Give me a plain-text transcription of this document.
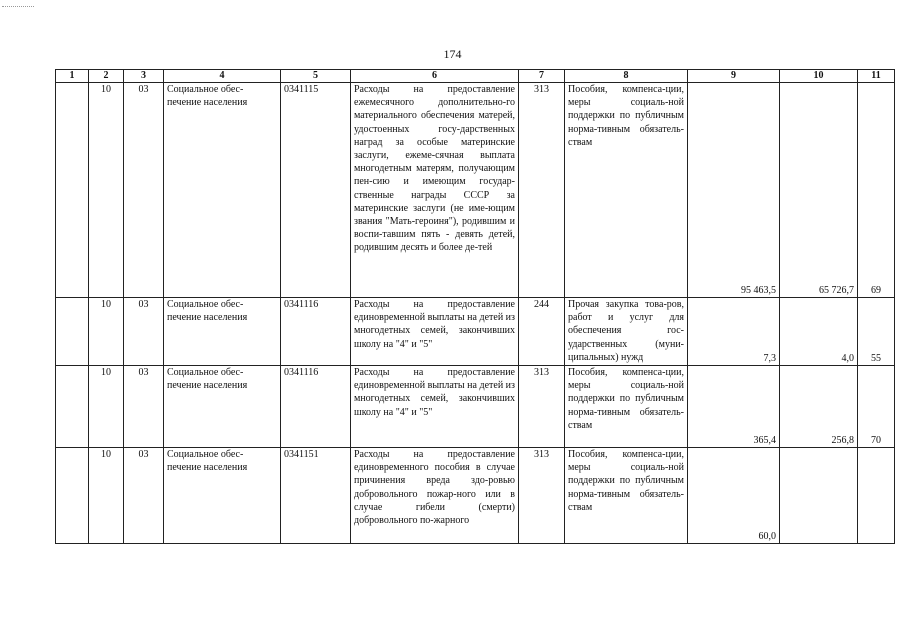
174
1	2	3	4	5	6	7	8	9	10	11
	10	03	Социальное обес-печение населения	0341115	Расходы на предоставление ежемесячного дополнительно-го материального обеспечения матерей, удостоенных госу-дарственных наград за особые материнские заслуги, ежеме-сячная выплата многодетным матерям, получающим пен-сию и имеющим государ-ственные награды СССР за материнские заслуги (не име-ющим звания "Мать-героиня"), родившим и воспи-тавшим пять - девять детей, родившим десять и более де-тей	313	Пособия, компенса-ции, меры социаль-ной поддержки по публичным норма-тивным обязатель-ствам	95 463,5	65 726,7	69
	10	03	Социальное обес-печение населения	0341116	Расходы на предоставление единовременной выплаты на детей из многодетных семей, закончивших школу на "4" и "5"	244	Прочая закупка това-ров, работ и услуг для обеспечения гос-ударственных (муни-ципальных) нужд	7,3	4,0	55
	10	03	Социальное обес-печение населения	0341116	Расходы на предоставление единовременной выплаты на детей из многодетных семей, закончивших школу на "4" и "5"	313	Пособия, компенса-ции, меры социаль-ной поддержки по публичным норма-тивным обязатель-ствам	365,4	256,8	70
	10	03	Социальное обес-печение населения	0341151	Расходы на предоставление единовременного пособия в случае причинения вреда здо-ровью добровольного пожар-ного или в случае гибели (смерти) добровольного по-жарного	313	Пособия, компенса-ции, меры социаль-ной поддержки по публичным норма-тивным обязатель-ствам	60,0		
